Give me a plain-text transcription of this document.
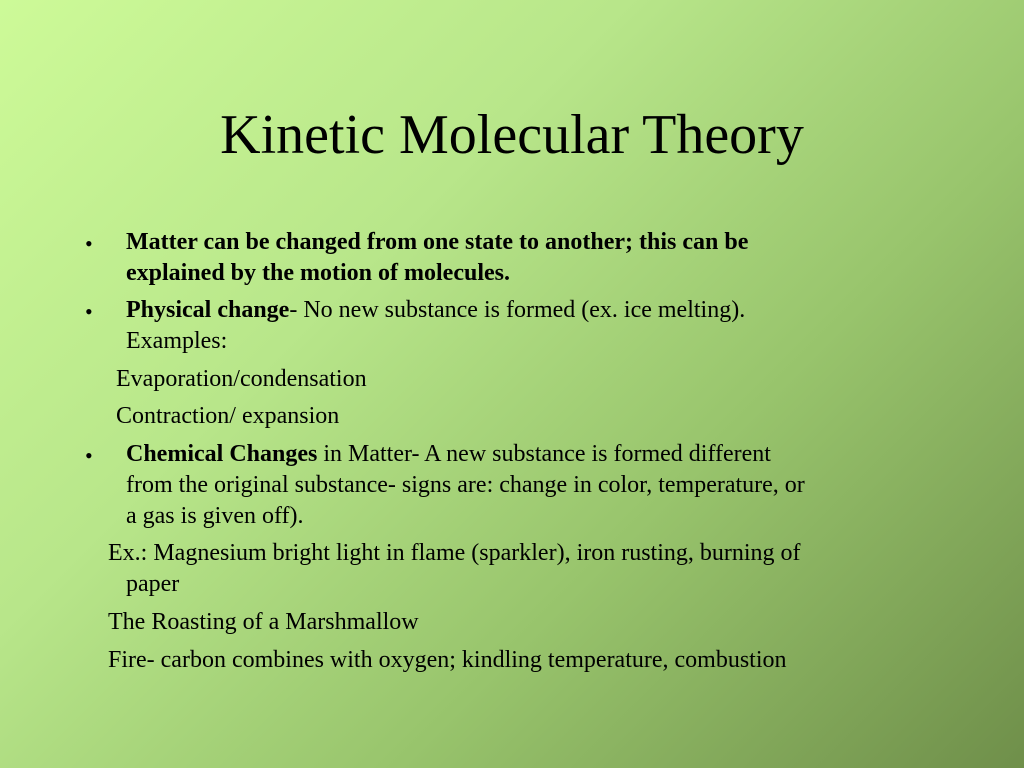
Kinetic Molecular Theory
• Matter can be changed from one state to another; this can be

explained by the motion of molecules.

• Physical change- No new substance is formed (ex. ice melting).

Examples:

Evaporation/condensation

Contraction/ expansion

• Chemical Changes in Matter- A new substance is formed different

from the original substance- signs are: change in color, temperature, or

a gas is given off).

Ex.: Magnesium bright light in flame (sparkler), iron rusting, burning of

paper

The Roasting of a Marshmallow

Fire- carbon combines with oxygen; kindling temperature, combustion
